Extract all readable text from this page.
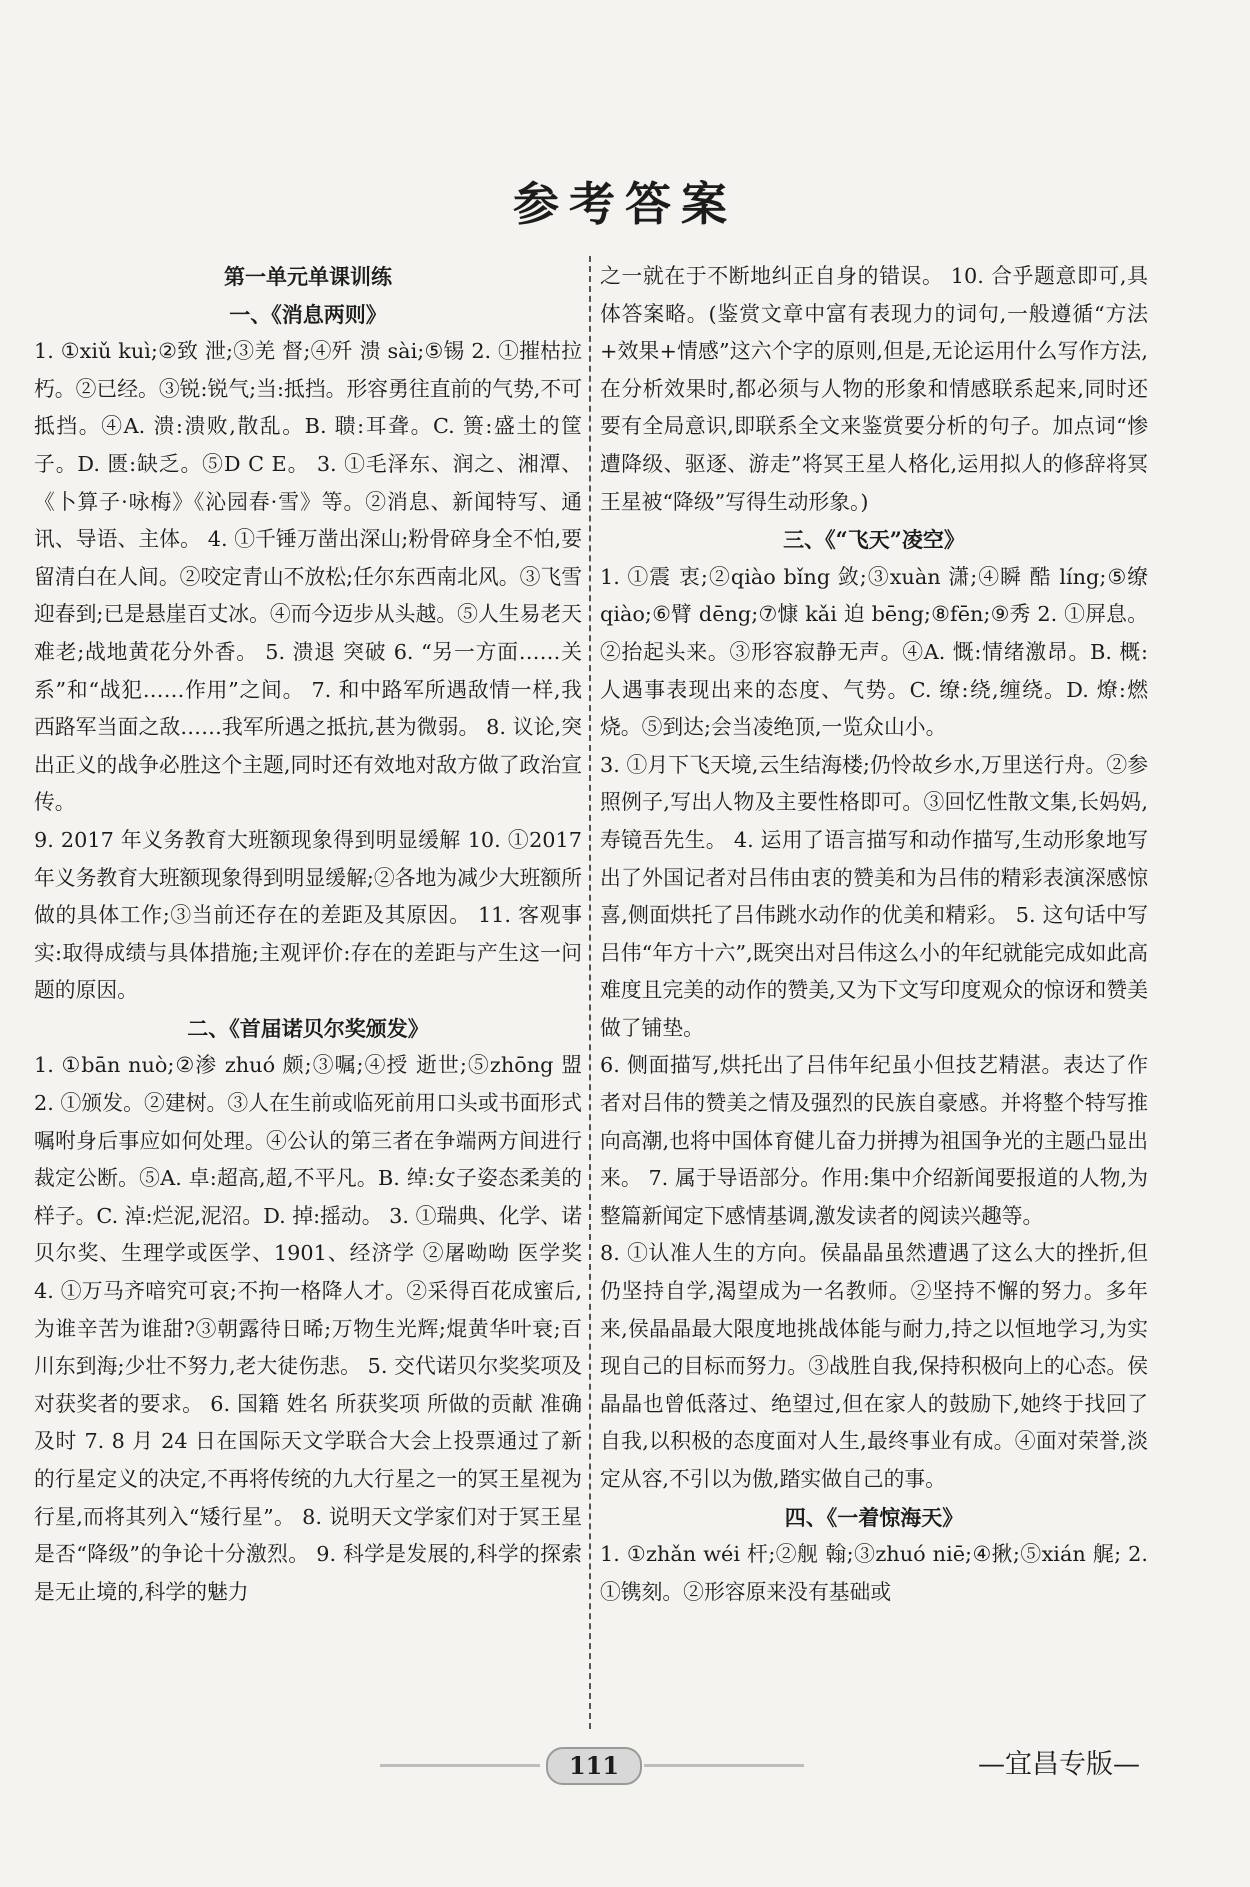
参考答案
第一单元单课训练
一、《消息两则》

1. ①xiǔ kuì;②致 泄;③羌 督;④歼 溃 sài;⑤锡 2. ①摧枯拉朽。②已经。③锐:锐气;当:抵挡。形容勇往直前的气势,不可抵挡。④A. 溃:溃败,散乱。B. 聩:耳聋。C. 篑:盛土的筐子。D. 匮:缺乏。⑤D C E。 3. ①毛泽东、润之、湘潭、《卜算子·咏梅》《沁园春·雪》等。②消息、新闻特写、通讯、导语、主体。 4. ①千锤万凿出深山;粉骨碎身全不怕,要留清白在人间。②咬定青山不放松;任尔东西南北风。③飞雪迎春到;已是悬崖百丈冰。④而今迈步从头越。⑤人生易老天难老;战地黄花分外香。 5. 溃退 突破 6. “另一方面……关系”和“战犯……作用”之间。 7. 和中路军所遇敌情一样,我西路军当面之敌……我军所遇之抵抗,甚为微弱。 8. 议论,突出正义的战争必胜这个主题,同时还有效地对敌方做了政治宣传。

9. 2017 年义务教育大班额现象得到明显缓解 10. ①2017 年义务教育大班额现象得到明显缓解;②各地为减少大班额所做的具体工作;③当前还存在的差距及其原因。 11. 客观事实:取得成绩与具体措施;主观评价:存在的差距与产生这一问题的原因。

二、《首届诺贝尔奖颁发》

1. ①bān nuò;②渗 zhuó 颇;③嘱;④授 逝世;⑤zhōng 盟 2. ①颁发。②建树。③人在生前或临死前用口头或书面形式嘱咐身后事应如何处理。④公认的第三者在争端两方间进行裁定公断。⑤A. 卓:超高,超,不平凡。B. 绰:女子姿态柔美的样子。C. 淖:烂泥,泥沼。D. 掉:摇动。 3. ①瑞典、化学、诺贝尔奖、生理学或医学、1901、经济学 ②屠呦呦 医学奖 4. ①万马齐喑究可哀;不拘一格降人才。②采得百花成蜜后,为谁辛苦为谁甜?③朝露待日晞;万物生光辉;焜黄华叶衰;百川东到海;少壮不努力,老大徒伤悲。 5. 交代诺贝尔奖奖项及对获奖者的要求。 6. 国籍 姓名 所获奖项 所做的贡献 准确 及时 7. 8 月 24 日在国际天文学联合大会上投票通过了新的行星定义的决定,不再将传统的九大行星之一的冥王星视为行星,而将其列入“矮行星”。 8. 说明天文学家们对于冥王星是否“降级”的争论十分激烈。 9. 科学是发展的,科学的探索是无止境的,科学的魅力

之一就在于不断地纠正自身的错误。 10. 合乎题意即可,具体答案略。(鉴赏文章中富有表现力的词句,一般遵循“方法+效果+情感”这六个字的原则,但是,无论运用什么写作方法,在分析效果时,都必须与人物的形象和情感联系起来,同时还要有全局意识,即联系全文来鉴赏要分析的句子。加点词“惨遭降级、驱逐、游走”将冥王星人格化,运用拟人的修辞将冥王星被“降级”写得生动形象。)

三、《“飞天”凌空》

1. ①震 衷;②qiào bǐng 敛;③xuàn 潇;④瞬 酷 líng;⑤缭 qiào;⑥臂 dēng;⑦慷 kǎi 迫 bēng;⑧fēn;⑨秀 2. ①屏息。②抬起头来。③形容寂静无声。④A. 慨:情绪激昂。B. 概:人遇事表现出来的态度、气势。C. 缭:绕,缠绕。D. 燎:燃烧。⑤到达;会当凌绝顶,一览众山小。

3. ①月下飞天境,云生结海楼;仍怜故乡水,万里送行舟。②参照例子,写出人物及主要性格即可。③回忆性散文集,长妈妈,寿镜吾先生。 4. 运用了语言描写和动作描写,生动形象地写出了外国记者对吕伟由衷的赞美和为吕伟的精彩表演深感惊喜,侧面烘托了吕伟跳水动作的优美和精彩。 5. 这句话中写吕伟“年方十六”,既突出对吕伟这么小的年纪就能完成如此高难度且完美的动作的赞美,又为下文写印度观众的惊讶和赞美做了铺垫。

6. 侧面描写,烘托出了吕伟年纪虽小但技艺精湛。表达了作者对吕伟的赞美之情及强烈的民族自豪感。并将整个特写推向高潮,也将中国体育健儿奋力拼搏为祖国争光的主题凸显出来。 7. 属于导语部分。作用:集中介绍新闻要报道的人物,为整篇新闻定下感情基调,激发读者的阅读兴趣等。

8. ①认准人生的方向。侯晶晶虽然遭遇了这么大的挫折,但仍坚持自学,渴望成为一名教师。②坚持不懈的努力。多年来,侯晶晶最大限度地挑战体能与耐力,持之以恒地学习,为实现自己的目标而努力。③战胜自我,保持积极向上的心态。侯晶晶也曾低落过、绝望过,但在家人的鼓励下,她终于找回了自我,以积极的态度面对人生,最终事业有成。④面对荣誉,淡定从容,不引以为傲,踏实做自己的事。

四、《一着惊海天》

1. ①zhǎn wéi 杆;②舰 翰;③zhuó niē;④揪;⑤xián 艉; 2. ①镌刻。②形容原来没有基础或

111	—宜昌专版—
